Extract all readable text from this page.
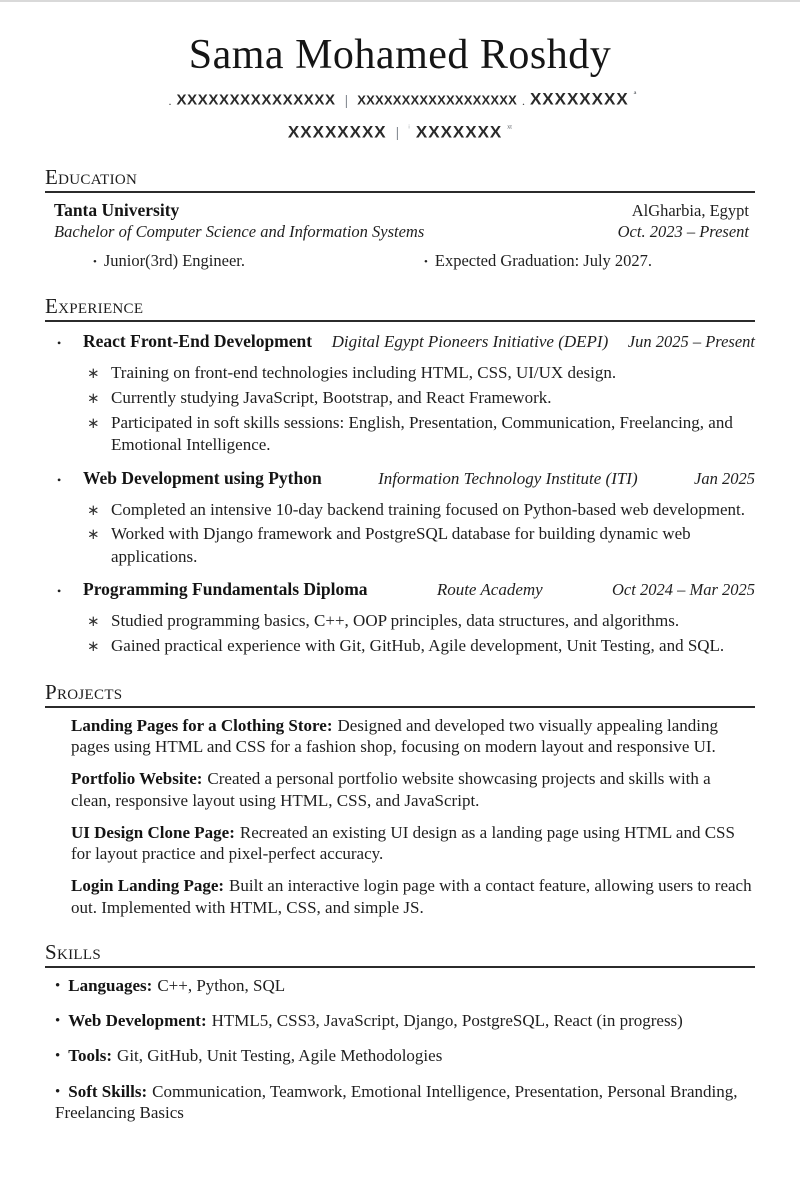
Sama Mohamed Roshdy
. XXXXXXXXXXXXXXX | XXXXXXXXXXXXXXXXXX . XXXXXXXX $^ª$
XXXXXXXX | $^{^i}$ XXXXXXX $^{ˣᵗ}$
Education
Tanta University	AlGharbia, Egypt
Bachelor of Computer Science and Information Systems	Oct. 2023 – Present
• Junior(3rd) Engineer.	• Expected Graduation: July 2027.
Experience
•	React Front-End Development	Digital Egypt Pioneers Initiative (DEPI)	Jun 2025 – Present
∗ Training on front-end technologies including HTML, CSS, UI/UX design.
∗ Currently studying JavaScript, Bootstrap, and React Framework.
∗ Participated in soft skills sessions: English, Presentation, Communication, Freelancing, and Emotional Intelligence.
•	Web Development using Python	Information Technology Institute (ITI)	Jan 2025
∗ Completed an intensive 10-day backend training focused on Python-based web development.
∗ Worked with Django framework and PostgreSQL database for building dynamic web applications.
•	Programming Fundamentals Diploma	Route Academy	Oct 2024 – Mar 2025
∗ Studied programming basics, C++, OOP principles, data structures, and algorithms.
∗ Gained practical experience with Git, GitHub, Agile development, Unit Testing, and SQL.
Projects
Landing Pages for a Clothing Store: Designed and developed two visually appealing landing pages using HTML and CSS for a fashion shop, focusing on modern layout and responsive UI.
Portfolio Website: Created a personal portfolio website showcasing projects and skills with a clean, responsive layout using HTML, CSS, and JavaScript.
UI Design Clone Page: Recreated an existing UI design as a landing page using HTML and CSS for layout practice and pixel-perfect accuracy.
Login Landing Page: Built an interactive login page with a contact feature, allowing users to reach out. Implemented with HTML, CSS, and simple JS.
Skills
• Languages: C++, Python, SQL
• Web Development: HTML5, CSS3, JavaScript, Django, PostgreSQL, React (in progress)
• Tools: Git, GitHub, Unit Testing, Agile Methodologies
• Soft Skills: Communication, Teamwork, Emotional Intelligence, Presentation, Personal Branding, Freelancing Basics
